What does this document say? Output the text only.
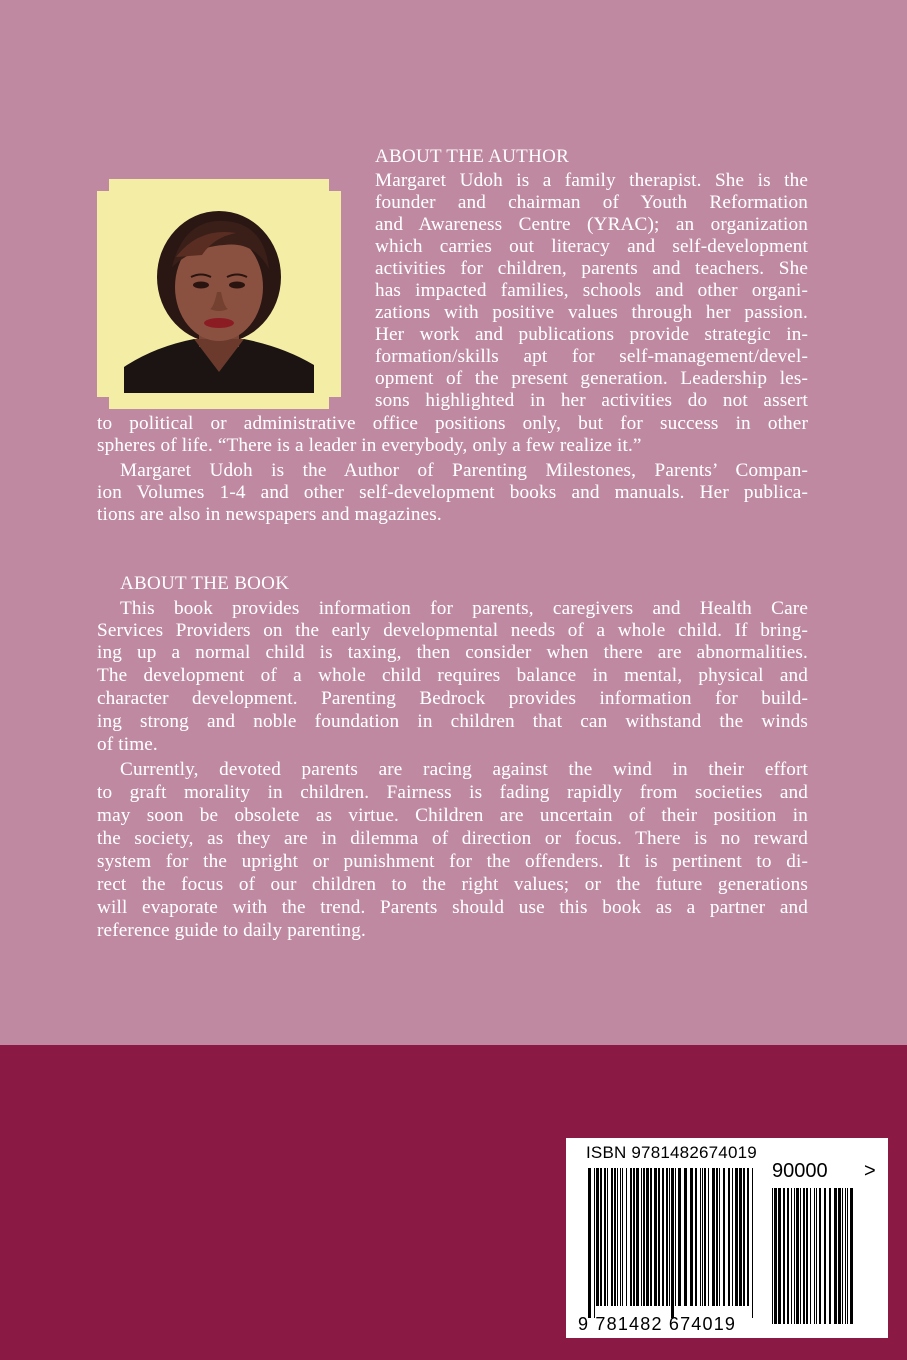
ABOUT THE AUTHOR
Margaret Udoh is a family therapist. She is the
founder and chairman of Youth Reformation
and Awareness Centre (YRAC); an organization
which carries out literacy and self-development
activities for children, parents and teachers. She
has impacted families, schools and other organi-
zations with positive values through her passion.
Her work and publications provide strategic in-
formation/skills apt for self-management/devel-
opment of the present generation. Leadership les-
sons highlighted in her activities do not assert
to political or administrative office positions only, but for success in other
spheres of life. “There is a leader in everybody, only a few realize it.”
Margaret Udoh is the Author of Parenting Milestones, Parents’ Compan-
ion Volumes 1-4 and other self-development books and manuals. Her publica-
tions are also in newspapers and magazines.
ABOUT THE BOOK
This book provides information for parents, caregivers and Health Care
Services Providers on the early developmental needs of a whole child. If bring-
ing up a normal child is taxing, then consider when there are abnormalities.
The development of a whole child requires balance in mental, physical and
character development. Parenting Bedrock provides information for build-
ing strong and noble foundation in children that can withstand the winds
of time.
Currently, devoted parents are racing against the wind in their effort
to graft morality in children. Fairness is fading rapidly from societies and
may soon be obsolete as virtue. Children are uncertain of their position in
the society, as they are in dilemma of direction or focus. There is no reward
system for the upright or punishment for the offenders. It is pertinent to di-
rect the focus of our children to the right values; or the future generations
will evaporate with the trend. Parents should use this book as a partner and
reference guide to daily parenting.
ISBN 9781482674019
90000 >
9 781482 674019
